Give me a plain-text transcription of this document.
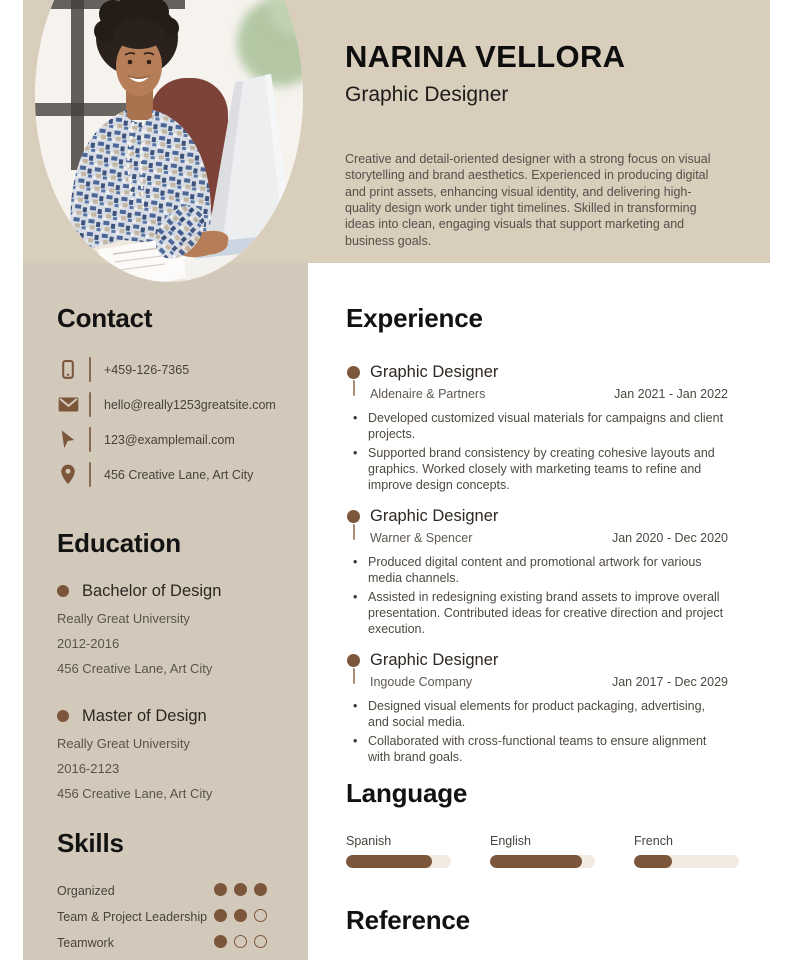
NARINA VELLORA
Graphic Designer

Creative and detail-oriented designer with a strong focus on visual storytelling and brand aesthetics. Experienced in producing digital and print assets, enhancing visual identity, and delivering high-quality design work under tight timelines. Skilled in transforming ideas into clean, engaging visuals that support marketing and business goals.

Contact
+459-126-7365
hello@really1253greatsite.com
123@examplemail.com
456 Creative Lane, Art City
Education
Bachelor of Design
Really Great University
2012-2016
456 Creative Lane, Art City
Master of Design
Really Great University
2016-2123
456 Creative Lane, Art City
Skills
Organized
Team & Project Leadership
Teamwork
Experience
Graphic Designer
Aldenaire & Partners	Jan 2021 - Jan 2022
• Developed customized visual materials for campaigns and client projects.
• Supported brand consistency by creating cohesive layouts and graphics. Worked closely with marketing teams to refine and improve design concepts.
Graphic Designer
Warner & Spencer	Jan 2020 - Dec 2020
• Produced digital content and promotional artwork for various media channels.
• Assisted in redesigning existing brand assets to improve overall presentation. Contributed ideas for creative direction and project execution.
Graphic Designer
Ingoude Company	Jan 2017 - Dec 2029
• Designed visual elements for product packaging, advertising, and social media.
• Collaborated with cross-functional teams to ensure alignment with brand goals.
Language
Spanish	English	French
Reference
